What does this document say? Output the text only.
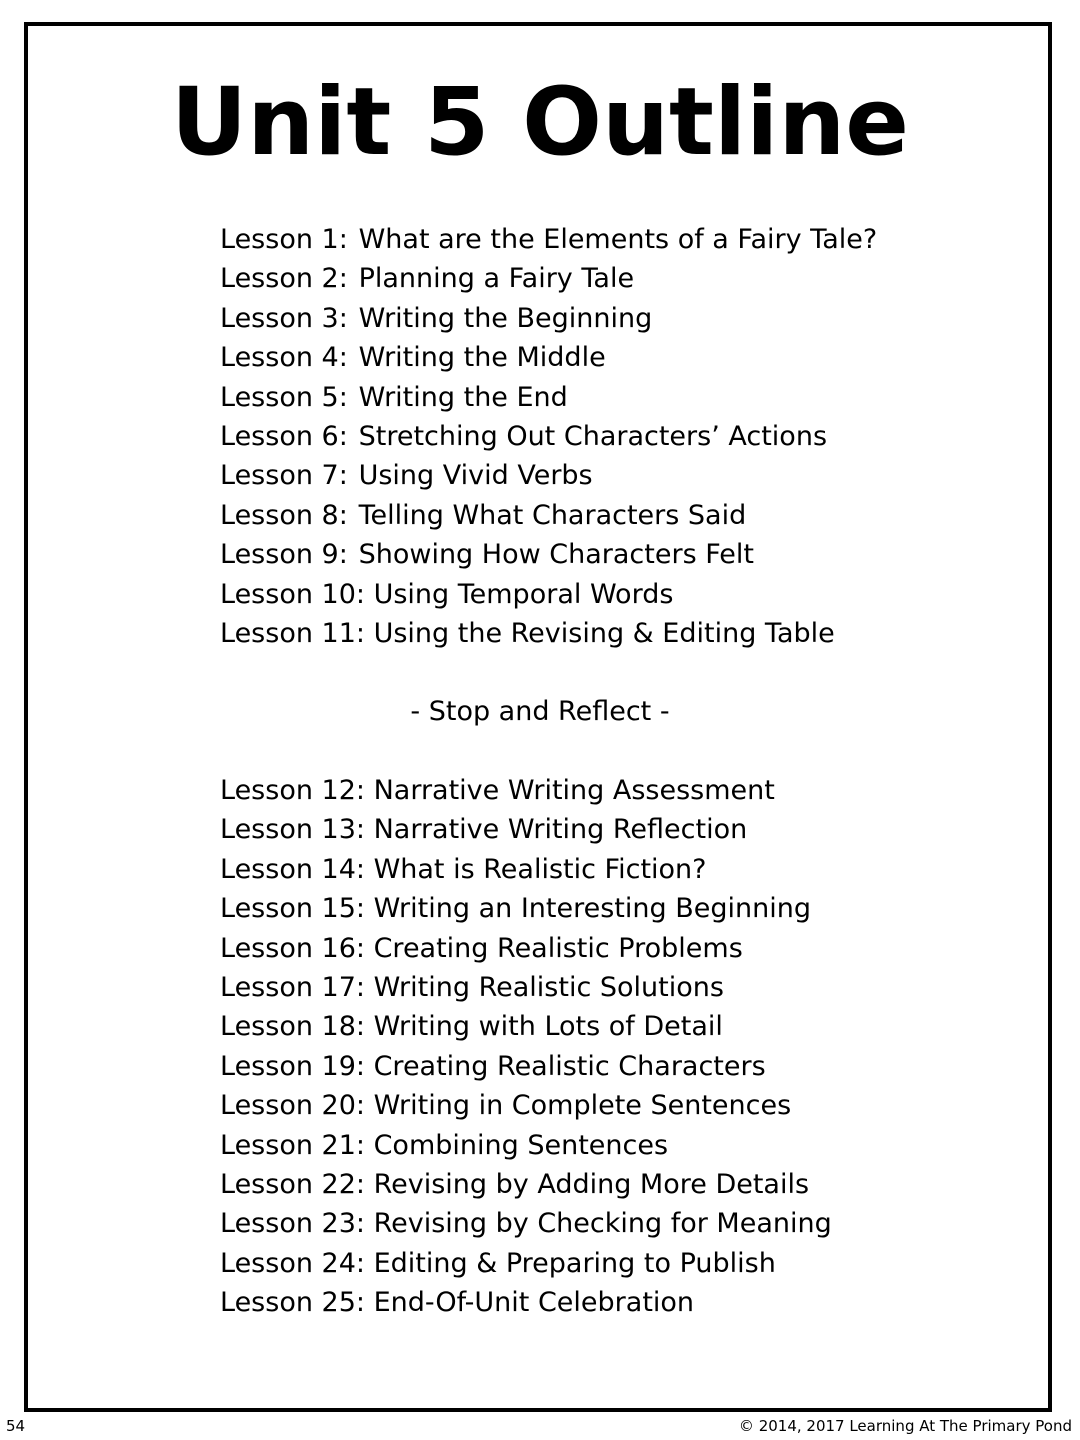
Unit 5 Outline
Lesson 1: What are the Elements of a Fairy Tale?
Lesson 2: Planning a Fairy Tale
Lesson 3: Writing the Beginning
Lesson 4: Writing the Middle
Lesson 5: Writing the End
Lesson 6: Stretching Out Characters’ Actions
Lesson 7: Using Vivid Verbs
Lesson 8: Telling What Characters Said
Lesson 9: Showing How Characters Felt
Lesson 10: Using Temporal Words
Lesson 11: Using the Revising & Editing Table
- Stop and Reflect -
Lesson 12: Narrative Writing Assessment
Lesson 13: Narrative Writing Reflection
Lesson 14: What is Realistic Fiction?
Lesson 15: Writing an Interesting Beginning
Lesson 16: Creating Realistic Problems
Lesson 17: Writing Realistic Solutions
Lesson 18: Writing with Lots of Detail
Lesson 19: Creating Realistic Characters
Lesson 20: Writing in Complete Sentences
Lesson 21: Combining Sentences
Lesson 22: Revising by Adding More Details
Lesson 23: Revising by Checking for Meaning
Lesson 24: Editing & Preparing to Publish
Lesson 25: End-Of-Unit Celebration
54	© 2014, 2017 Learning At The Primary Pond
